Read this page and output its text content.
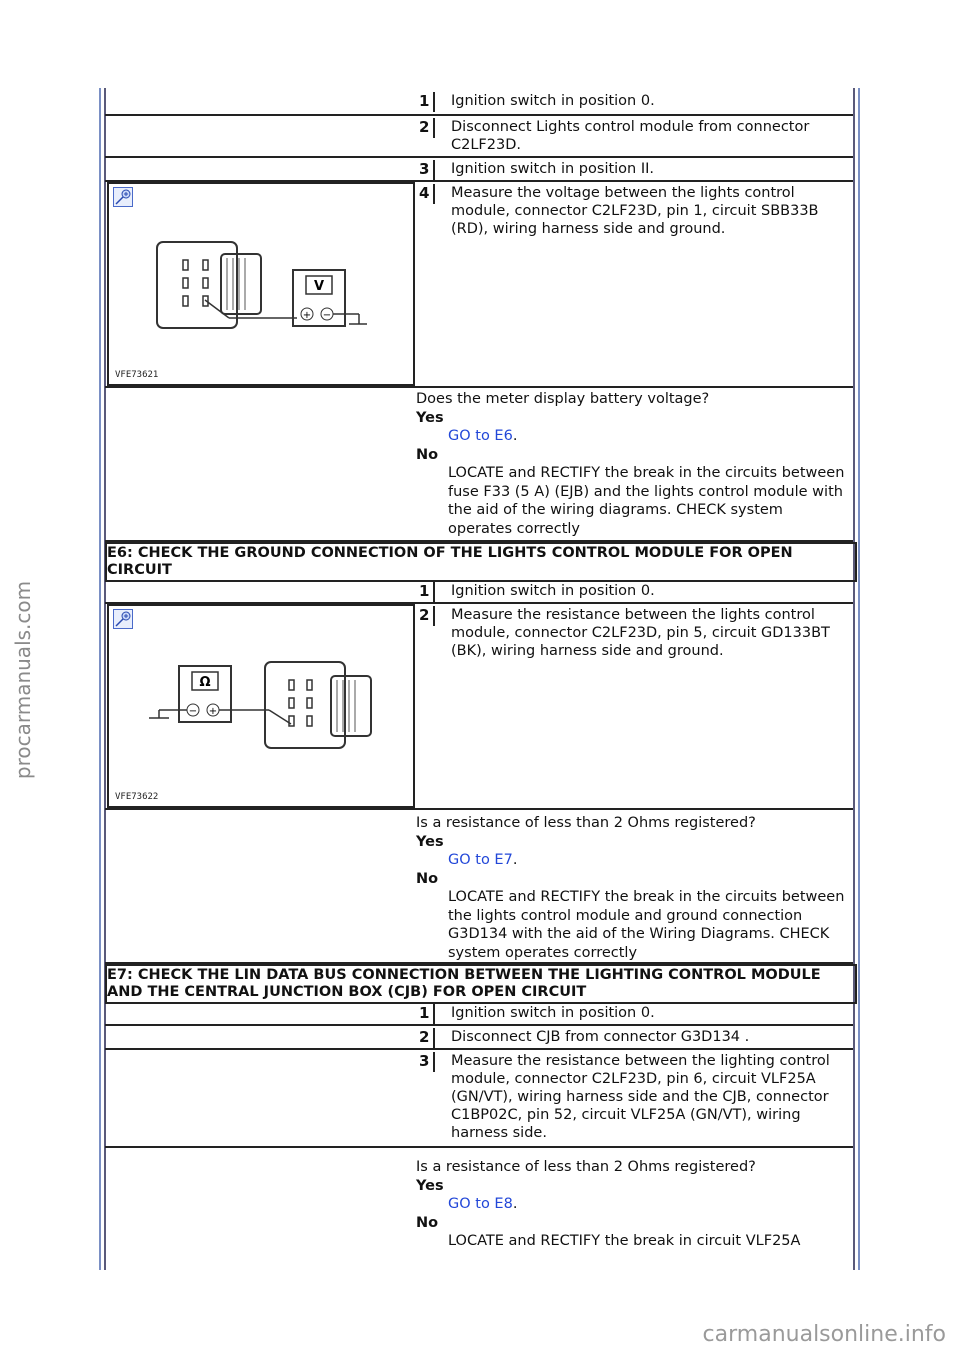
procarmanuals.com
carmanualsonline.info
1	Ignition switch in position 0.
2	Disconnect Lights control module from connector C2LF23D.
3	Ignition switch in position II.
V
+ −
VFE73621
4	Measure the voltage between the lights control module, connector C2LF23D, pin 1, circuit SBB33B (RD), wiring harness side and ground.
Does the meter display battery voltage?
Yes
GO to E6.
No
LOCATE and RECTIFY the break in the circuits between fuse F33 (5 A) (EJB) and the lights control module with the aid of the wiring diagrams. CHECK system operates correctly
E6: CHECK THE GROUND CONNECTION OF THE LIGHTS CONTROL MODULE FOR OPEN CIRCUIT
1	Ignition switch in position 0.
Ω
− +
VFE73622
2	Measure the resistance between the lights control module, connector C2LF23D, pin 5, circuit GD133BT (BK), wiring harness side and ground.
Is a resistance of less than 2 Ohms registered?
Yes
GO to E7.
No
LOCATE and RECTIFY the break in the circuits between the lights control module and ground connection G3D134 with the aid of the Wiring Diagrams. CHECK system operates correctly
E7: CHECK THE LIN DATA BUS CONNECTION BETWEEN THE LIGHTING CONTROL MODULE AND THE CENTRAL JUNCTION BOX (CJB) FOR OPEN CIRCUIT
1	Ignition switch in position 0.
2	Disconnect CJB from connector G3D134 .
3	Measure the resistance between the lighting control module, connector C2LF23D, pin 6, circuit VLF25A (GN/VT), wiring harness side and the CJB, connector C1BP02C, pin 52, circuit VLF25A (GN/VT), wiring harness side.
Is a resistance of less than 2 Ohms registered?
Yes
GO to E8.
No
LOCATE and RECTIFY the break in circuit VLF25A
